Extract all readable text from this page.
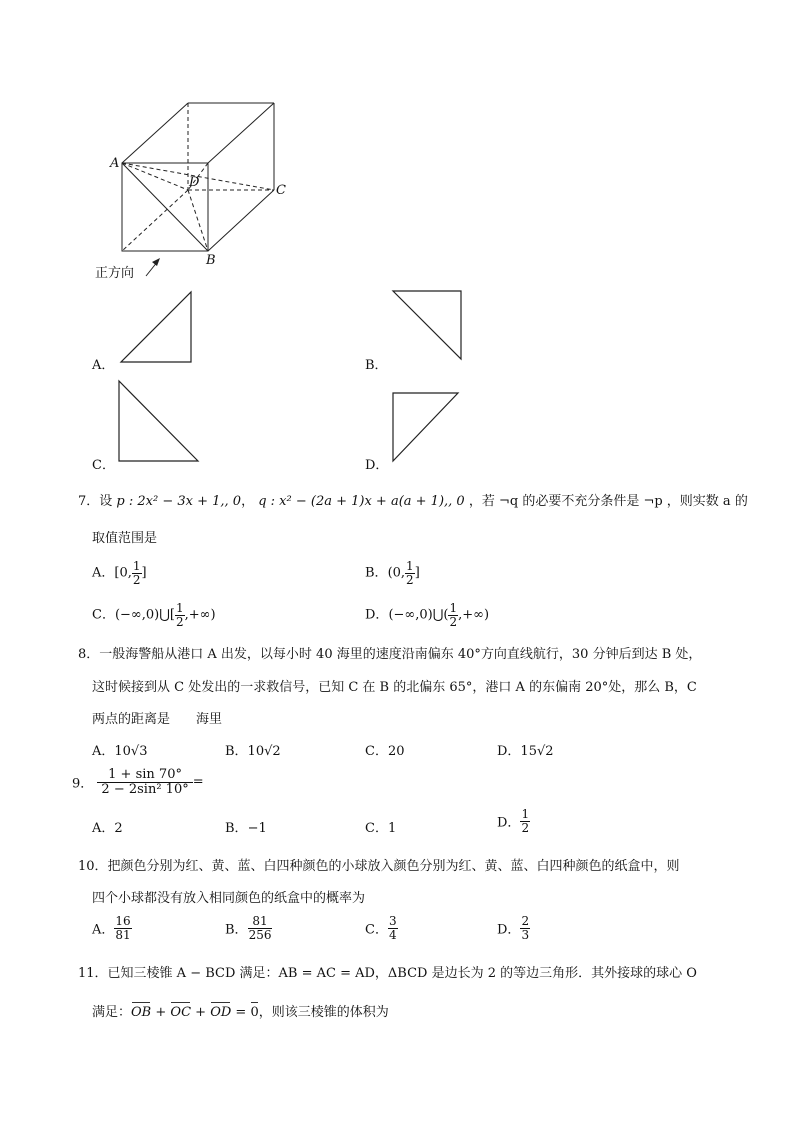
A
D
C
B
正方向
A．	B．
C．	D．
7．设 p : 2x² − 3x + 1,, 0， q : x² − (2a + 1)x + a(a + 1),, 0 ，若 ¬q 的必要不充分条件是 ¬p ，则实数 a 的
取值范围是
A．[0, $\frac{1}{2}$ ]	B．(0, $\frac{1}{2}$ ]
C．(−∞,0)⋃[ $\frac{1}{2}$ ,+∞)	D．(−∞,0)⋃( $\frac{1}{2}$ ,+∞)
8．一般海警船从港口 A 出发，以每小时 40 海里的速度沿南偏东 40°方向直线航行，30 分钟后到达 B 处，
这时候接到从 C 处发出的一求救信号，已知 C 在 B 的北偏东 65°，港口 A 的东偏南 20°处，那么 B，C
两点的距离是　　海里
A．10√3	B．10√2	C．20	D．15√2
9． $\frac{1 + \sin 70^\circ}{\text{2 − 2sin² 10°}}$ =
A．2	B．−1	C．1	D． $\frac{1}{2}$
10．把颜色分别为红、黄、蓝、白四种颜色的小球放入颜色分别为红、黄、蓝、白四种颜色的纸盒中，则
四个小球都没有放入相同颜色的纸盒中的概率为
A． $\frac{16}{81}$	B． $\frac{81}{256}$	C． $\frac{3}{4}$	D． $\frac{2}{3}$
11．已知三棱锥 A − BCD 满足：AB = AC = AD，ΔBCD 是边长为 2 的等边三角形．其外接球的球心 O
满足：OB + OC + OD = 0，则该三棱锥的体积为
